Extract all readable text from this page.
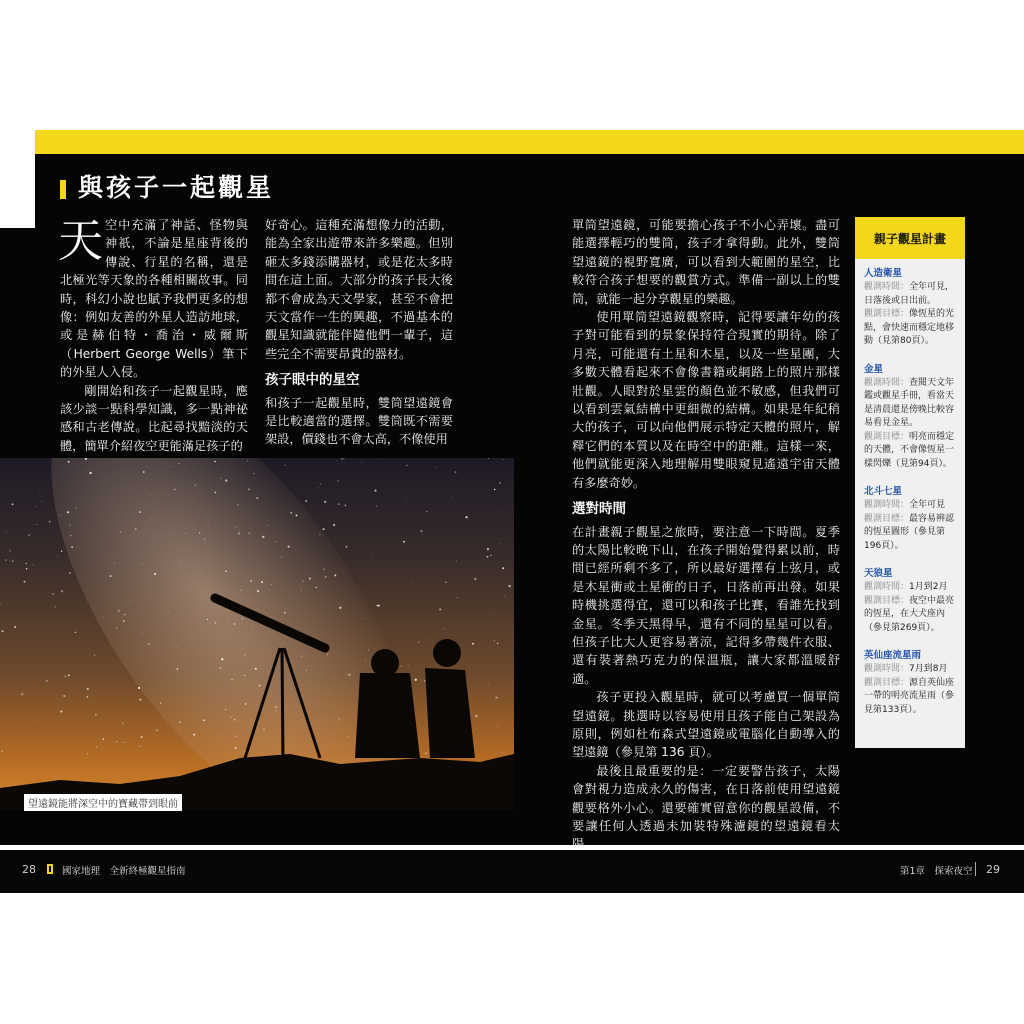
與孩子一起觀星

天空中充滿了神話、怪物與神祇，不論是星座背後的傳說、行星的名稱，還是北極光等天象的各種相關故事。同時，科幻小說也賦予我們更多的想像：例如友善的外星人造訪地球，或是赫伯特・喬治・威爾斯（Herbert George Wells）筆下的外星人入侵。

剛開始和孩子一起觀星時，應該少談一點科學知識，多一點神祕感和古老傳說。比起尋找黯淡的天體，簡單介紹夜空更能滿足孩子的

好奇心。這種充滿想像力的活動，能為全家出遊帶來許多樂趣。但別砸太多錢添購器材，或是花太多時間在這上面。大部分的孩子長大後都不會成為天文學家，甚至不會把天文當作一生的興趣，不過基本的觀星知識就能伴隨他們一輩子，這些完全不需要昂貴的器材。

孩子眼中的星空

和孩子一起觀星時，雙筒望遠鏡會是比較適當的選擇。雙筒既不需要架設，價錢也不會太高，不像使用

單筒望遠鏡，可能要擔心孩子不小心弄壞。盡可能選擇輕巧的雙筒，孩子才拿得動。此外，雙筒望遠鏡的視野寬廣，可以看到大範圍的星空，比較符合孩子想要的觀賞方式。準備一副以上的雙筒，就能一起分享觀星的樂趣。

使用單筒望遠鏡觀察時，記得要讓年幼的孩子對可能看到的景象保持符合現實的期待。除了月亮，可能還有土星和木星，以及一些星團，大多數天體看起來不會像書籍或網路上的照片那樣壯觀。人眼對於星雲的顏色並不敏感，但我們可以看到雲氣結構中更細微的結構。如果是年紀稍大的孩子，可以向他們展示特定天體的照片，解釋它們的本質以及在時空中的距離。這樣一來，他們就能更深入地理解用雙眼窺見遙遠宇宙天體有多麼奇妙。

選對時間

在計畫親子觀星之旅時，要注意一下時間。夏季的太陽比較晚下山，在孩子開始覺得累以前，時間已經所剩不多了，所以最好選擇有上弦月，或是木星衝或土星衝的日子，日落前再出發。如果時機挑選得宜，還可以和孩子比賽，看誰先找到金星。冬季天黑得早，還有不同的星星可以看。但孩子比大人更容易著涼，記得多帶幾件衣服、還有裝著熱巧克力的保溫瓶，讓大家都溫暖舒適。

孩子更投入觀星時，就可以考慮買一個單筒望遠鏡。挑選時以容易使用且孩子能自己架設為原則，例如杜布森式望遠鏡或電腦化自動導入的望遠鏡（參見第 136 頁）。

最後且最重要的是：一定要警告孩子，太陽會對視力造成永久的傷害，在日落前使用望遠鏡觀要格外小心。還要確實留意你的觀星設備，不要讓任何人透過未加裝特殊濾鏡的望遠鏡看太

望遠鏡能將深空中的寶藏帶到眼前
親子觀星計畫
人造衛星
觀測時間：全年可見，日落後或日出前。
觀測目標：像恆星的光點，會快速而穩定地移動（見第80頁）。
金星
觀測時間：查閱天文年鑑或觀星手冊，看當天是清晨還是傍晚比較容易看見金星。
觀測目標：明亮而穩定的天體，不會像恆星一樣閃爍（見第94頁）。
北斗七星
觀測時間：全年可見
觀測目標：最容易辨認的恆星圖形（參見第196頁）。
天狼星
觀測時間：1月到2月
觀測目標：夜空中最亮的恆星，在大犬座內（參見第269頁）。
英仙座流星雨
觀測時間：7月到8月
觀測目標：源自英仙座一帶的明亮流星雨（參見第133頁）。
28	國家地理　全新終極觀星指南	第1章　探索夜空 29
